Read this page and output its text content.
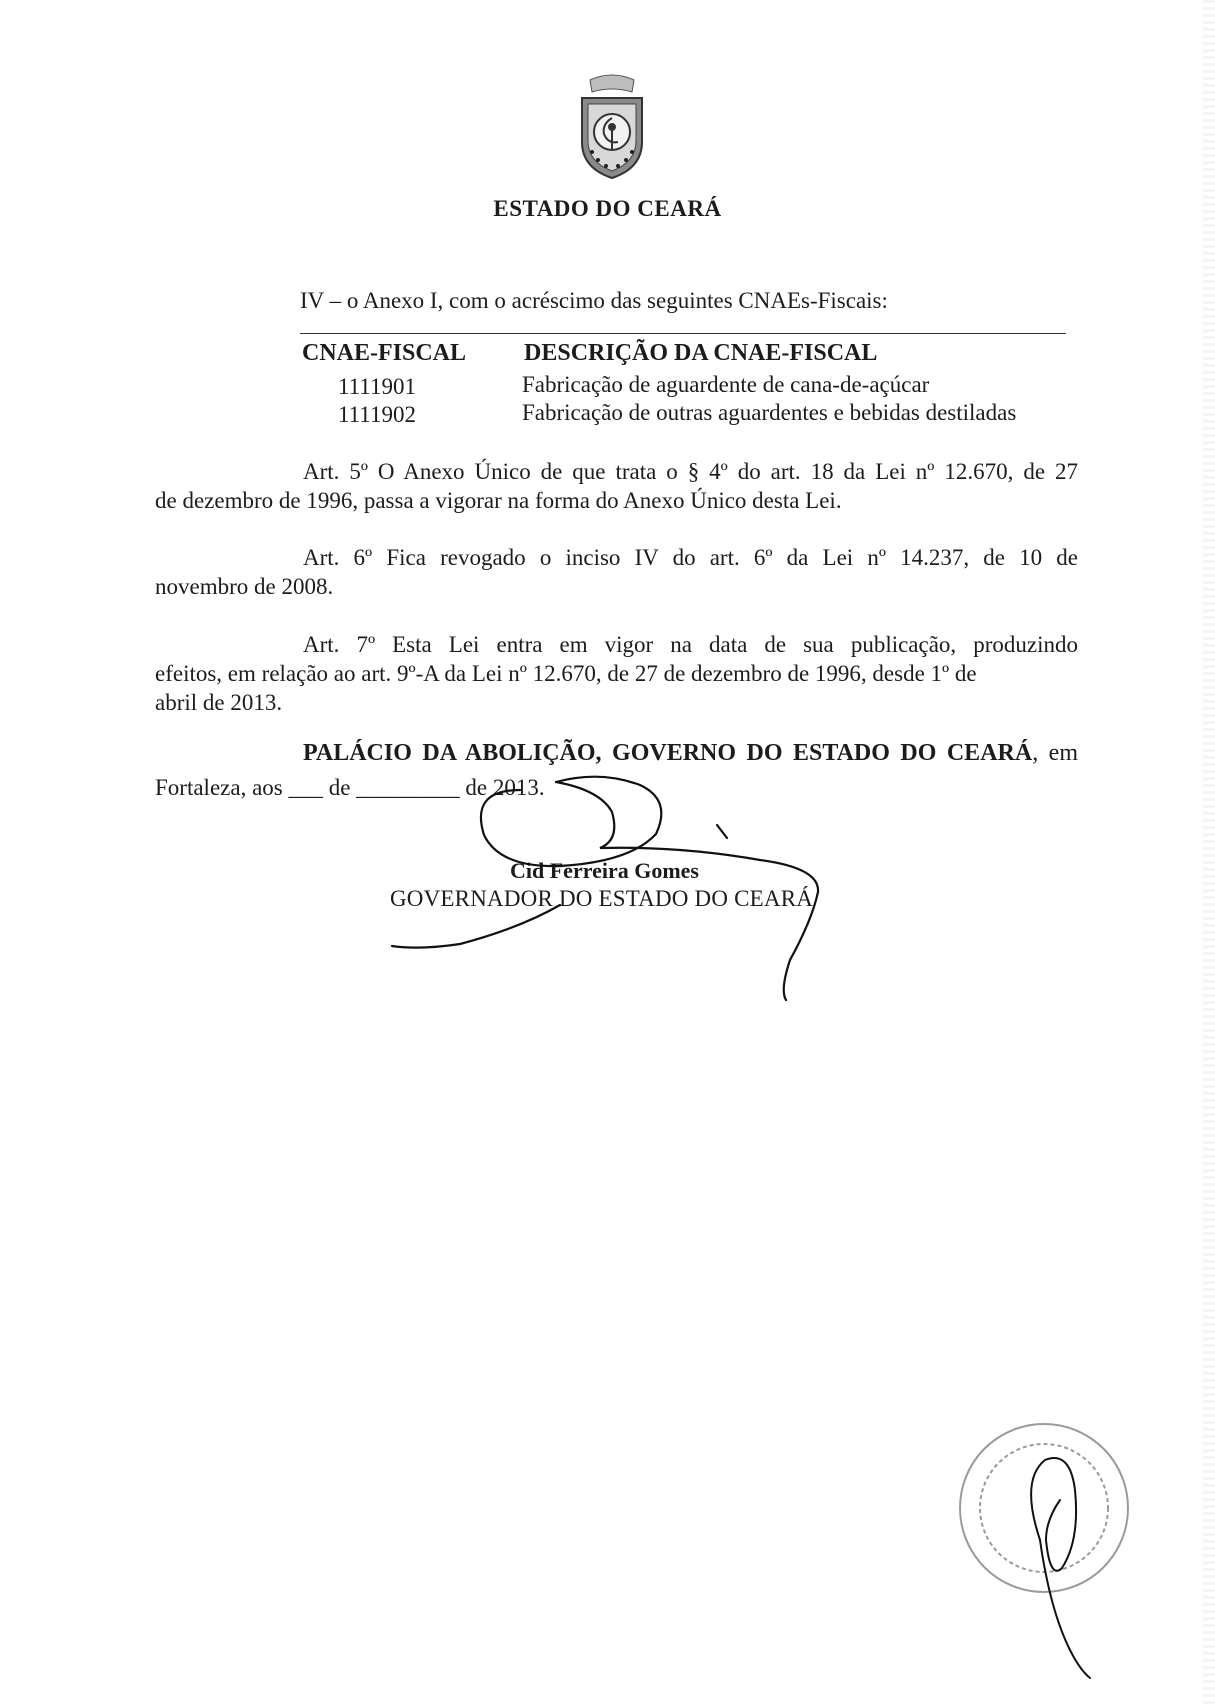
ESTADO DO CEARÁ
IV – o Anexo I, com o acréscimo das seguintes CNAEs-Fiscais:
CNAE-FISCAL DESCRIÇÃO DA CNAE-FISCAL
1111901	Fabricação de aguardente de cana-de-açúcar
1111902	Fabricação de outras aguardentes e bebidas destiladas
Art. 5º O Anexo Único de que trata o § 4º do art. 18 da Lei nº 12.670, de 27
de dezembro de 1996, passa a vigorar na forma do Anexo Único desta Lei.
Art. 6º Fica revogado o inciso IV do art. 6º da Lei nº 14.237, de 10 de
novembro de 2008.
Art. 7º Esta Lei entra em vigor na data de sua publicação, produzindo
efeitos, em relação ao art. 9º-A da Lei nº 12.670, de 27 de dezembro de 1996, desde 1º de
abril de 2013.
PALÁCIO DA ABOLIÇÃO, GOVERNO DO ESTADO DO CEARÁ, em
Fortaleza, aos ___ de _________ de 2013.
Cid Ferreira Gomes
GOVERNADOR DO ESTADO DO CEARÁ
